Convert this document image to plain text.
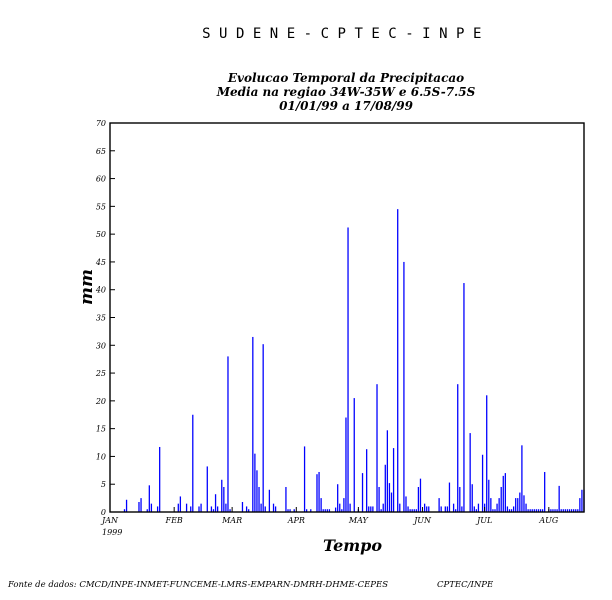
SUDENE-CPTEC-INPE
Evolucao Temporal da Precipitacao
Media na regiao 34W-35W e 6.5S-7.5S
01/01/99 a 17/08/99
0
5
10
15
20
25
30
35
40
45
50
55
60
65
70
JAN	FEB	MAR	APR	MAY	JUN	JUL	AUG
mm
Tempo
1999
Fonte de dados: CMCD/INPE-INMET-FUNCEME-LMRS-EMPARN-DMRH-DHME-CEPES	CPTEC/INPE
